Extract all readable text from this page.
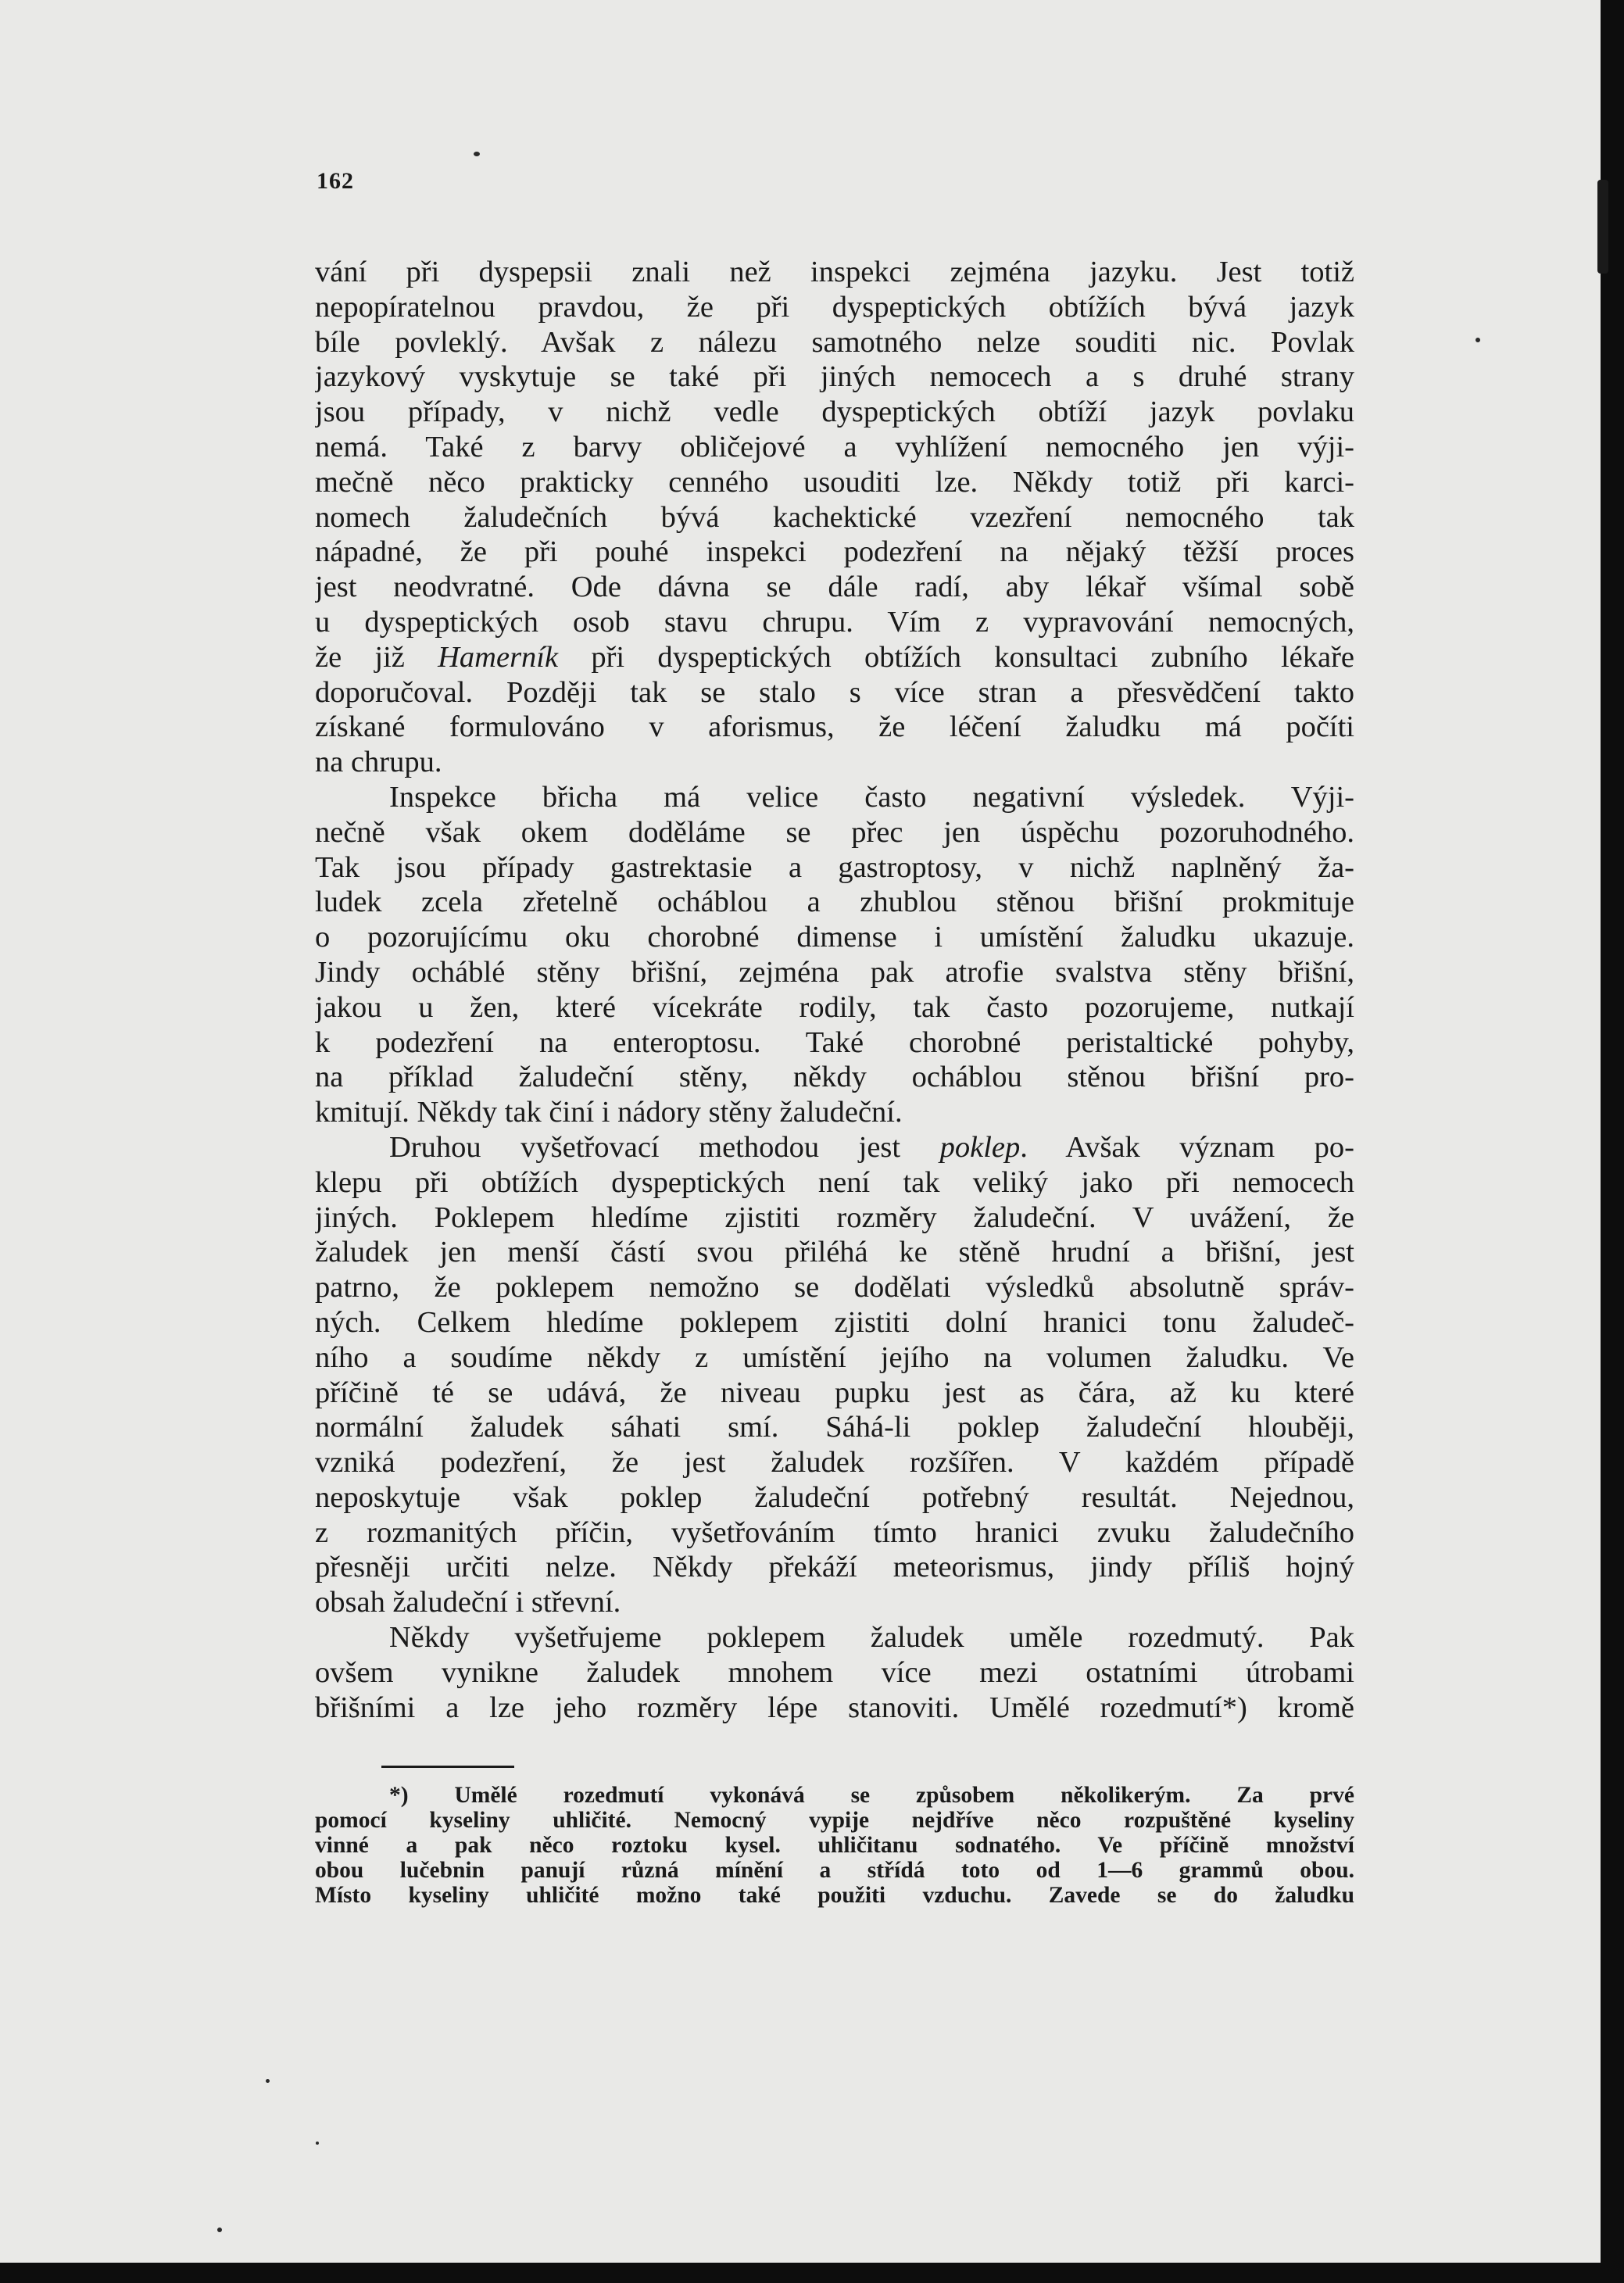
162
vání při dyspepsii znali než inspekci zejména jazyku. Jest totiž
nepopíratelnou pravdou, že při dyspeptických obtížích bývá jazyk
bíle povleklý. Avšak z nálezu samotného nelze souditi nic. Povlak
jazykový vyskytuje se také při jiných nemocech a s druhé strany
jsou případy, v nichž vedle dyspeptických obtíží jazyk povlaku
nemá. Také z barvy obličejové a vyhlížení nemocného jen výji-
mečně něco prakticky cenného usouditi lze. Někdy totiž při karci-
nomech žaludečních bývá kachektické vzezření nemocného tak
nápadné, že při pouhé inspekci podezření na nějaký těžší proces
jest neodvratné. Ode dávna se dále radí, aby lékař všímal sobě
u dyspeptických osob stavu chrupu. Vím z vypravování nemocných,
že již Hamerník při dyspeptických obtížích konsultaci zubního lékaře
doporučoval. Později tak se stalo s více stran a přesvědčení takto
získané formulováno v aforismus, že léčení žaludku má počíti
na chrupu.
Inspekce břicha má velice často negativní výsledek. Výji-
nečně však okem doděláme se přec jen úspěchu pozoruhodného.
Tak jsou případy gastrektasie a gastroptosy, v nichž naplněný ža-
ludek zcela zřetelně ocháblou a zhublou stěnou břišní prokmituje
o pozorujícímu oku chorobné dimense i umístění žaludku ukazuje.
Jindy ocháblé stěny břišní, zejména pak atrofie svalstva stěny břišní,
jakou u žen, které vícekráte rodily, tak často pozorujeme, nutkají
k podezření na enteroptosu. Také chorobné peristaltické pohyby,
na příklad žaludeční stěny, někdy ocháblou stěnou břišní pro-
kmitují. Někdy tak činí i nádory stěny žaludeční.
Druhou vyšetřovací methodou jest poklep. Avšak význam po-
klepu při obtížích dyspeptických není tak veliký jako při nemocech
jiných. Poklepem hledíme zjistiti rozměry žaludeční. V uvážení, že
žaludek jen menší částí svou přiléhá ke stěně hrudní a břišní, jest
patrno, že poklepem nemožno se dodělati výsledků absolutně správ-
ných. Celkem hledíme poklepem zjistiti dolní hranici tonu žaludeč-
ního a soudíme někdy z umístění jejího na volumen žaludku. Ve
příčině té se udává, že niveau pupku jest as čára, až ku které
normální žaludek sáhati smí. Sáhá-li poklep žaludeční hlouběji,
vzniká podezření, že jest žaludek rozšířen. V každém případě
neposkytuje však poklep žaludeční potřebný resultát. Nejednou,
z rozmanitých příčin, vyšetřováním tímto hranici zvuku žaludečního
přesněji určiti nelze. Někdy překáží meteorismus, jindy příliš hojný
obsah žaludeční i střevní.
Někdy vyšetřujeme poklepem žaludek uměle rozedmutý. Pak
ovšem vynikne žaludek mnohem více mezi ostatními útrobami
břišními a lze jeho rozměry lépe stanoviti. Umělé rozedmutí*) kromě
*) Umělé rozedmutí vykonává se způsobem několikerým. Za prvé
pomocí kyseliny uhličité. Nemocný vypije nejdříve něco rozpuštěné kyseliny
vinné a pak něco roztoku kysel. uhličitanu sodnatého. Ve příčině množství
obou lučebnin panují různá mínění a střídá toto od 1—6 grammů obou.
Místo kyseliny uhličité možno také použiti vzduchu. Zavede se do žaludku
